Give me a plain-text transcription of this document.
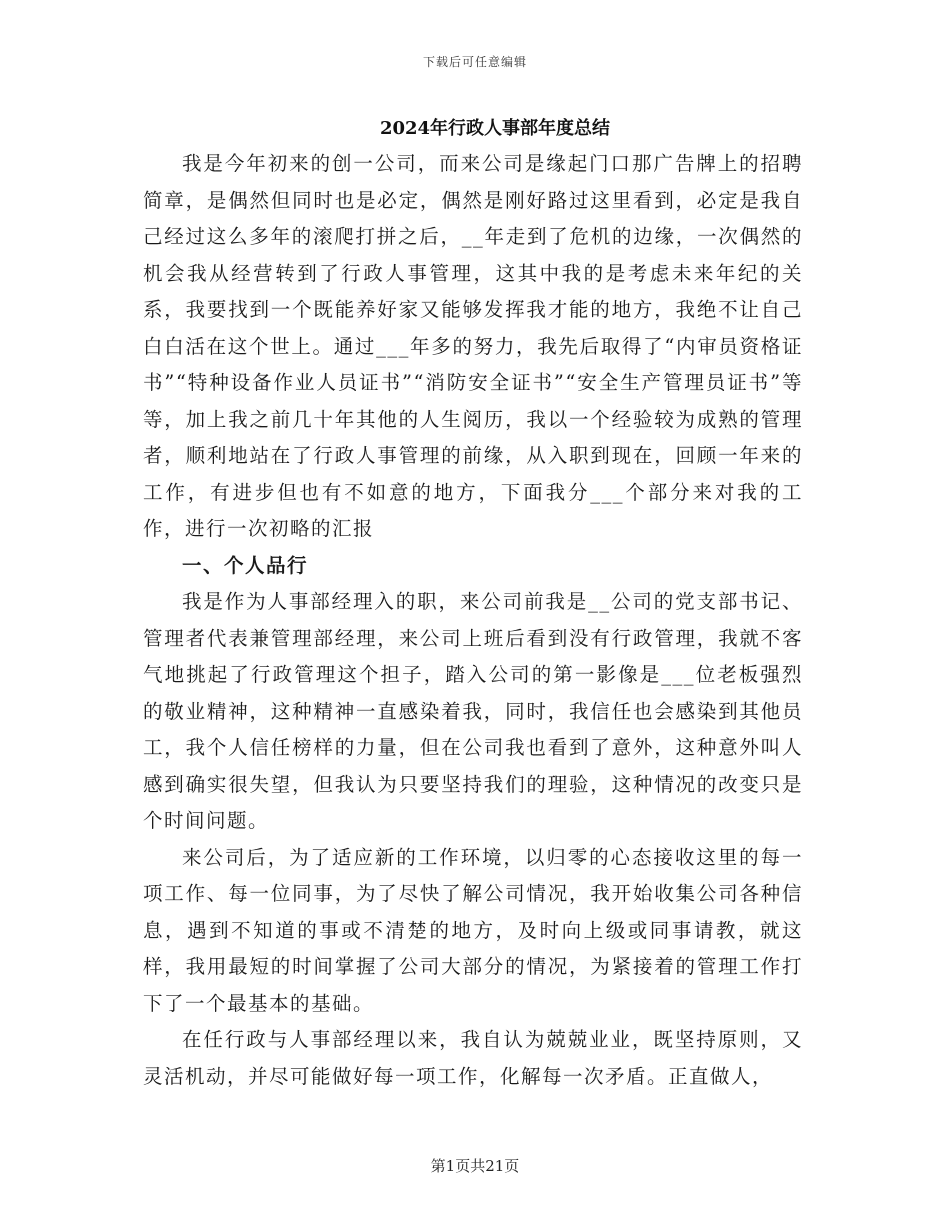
下载后可任意编辑
2024年行政人事部年度总结

我是今年初来的创一公司，而来公司是缘起门口那广告牌上的招聘简章，是偶然但同时也是必定，偶然是刚好路过这里看到，必定是我自己经过这么多年的滚爬打拼之后，__年走到了危机的边缘，一次偶然的机会我从经营转到了行政人事管理，这其中我的是考虑未来年纪的关系，我要找到一个既能养好家又能够发挥我才能的地方，我绝不让自己白白活在这个世上。通过___年多的努力，我先后取得了“内审员资格证书”“特种设备作业人员证书”“消防安全证书”“安全生产管理员证书”等等，加上我之前几十年其他的人生阅历，我以一个经验较为成熟的管理者，顺利地站在了行政人事管理的前缘，从入职到现在，回顾一年来的工作，有进步但也有不如意的地方，下面我分___个部分来对我的工作，进行一次初略的汇报

一、个人品行

我是作为人事部经理入的职，来公司前我是__公司的党支部书记、管理者代表兼管理部经理，来公司上班后看到没有行政管理，我就不客气地挑起了行政管理这个担子，踏入公司的第一影像是___位老板强烈的敬业精神，这种精神一直感染着我，同时，我信任也会感染到其他员工，我个人信任榜样的力量，但在公司我也看到了意外，这种意外叫人感到确实很失望，但我认为只要坚持我们的理验，这种情况的改变只是个时间问题。

来公司后，为了适应新的工作环境，以归零的心态接收这里的每一项工作、每一位同事，为了尽快了解公司情况，我开始收集公司各种信息，遇到不知道的事或不清楚的地方，及时向上级或同事请教，就这样，我用最短的时间掌握了公司大部分的情况，为紧接着的管理工作打下了一个最基本的基础。

在任行政与人事部经理以来，我自认为兢兢业业，既坚持原则，又灵活机动，并尽可能做好每一项工作，化解每一次矛盾。正直做人，

第1页共21页
